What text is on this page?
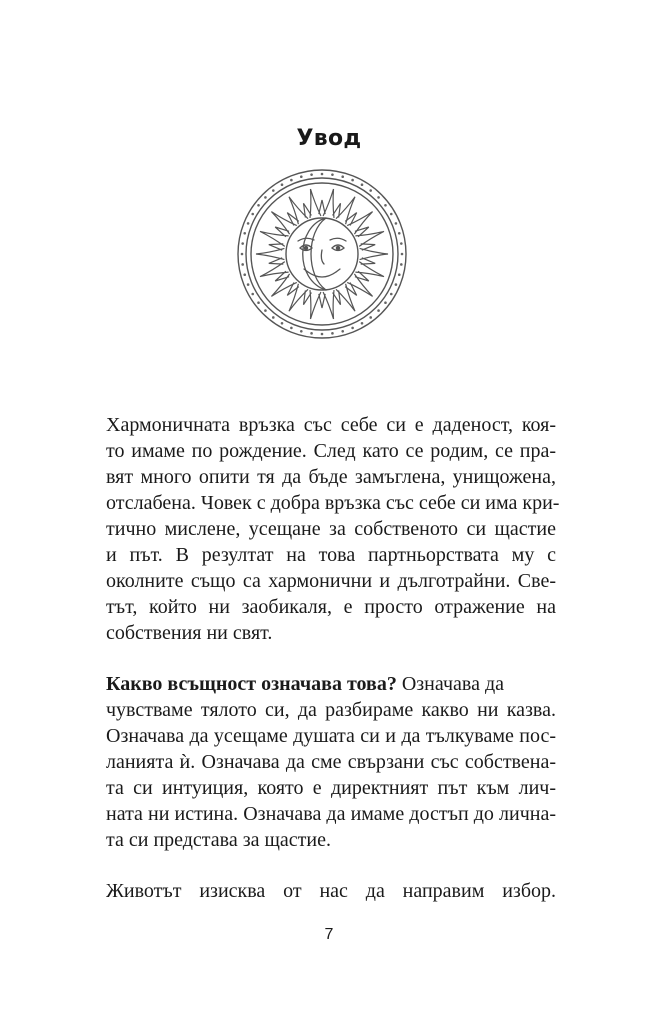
Увод
Хармоничната връзка със себе си е даденост, коя-
то имаме по рождение. След като се родим, се пра-
вят много опити тя да бъде замъглена, унищожена,
отслабена. Човек с добра връзка със себе си има кри-
тично мислене, усещане за собственото си щастие
и път. В резултат на това партньорствата му с
околните също са хармонични и дълготрайни. Све-
тът, който ни заобикаля, е просто отражение на
собствения ни свят.
Какво всъщност означава това? Означава да
чувстваме тялото си, да разбираме какво ни казва.
Означава да усещаме душата си и да тълкуваме пос-
ланията ѝ. Означава да сме свързани със собствена-
та си интуиция, която е директният път към лич-
ната ни истина. Означава да имаме достъп до лична-
та си представа за щастие.
Животът изисква от нас да направим избор.
7
